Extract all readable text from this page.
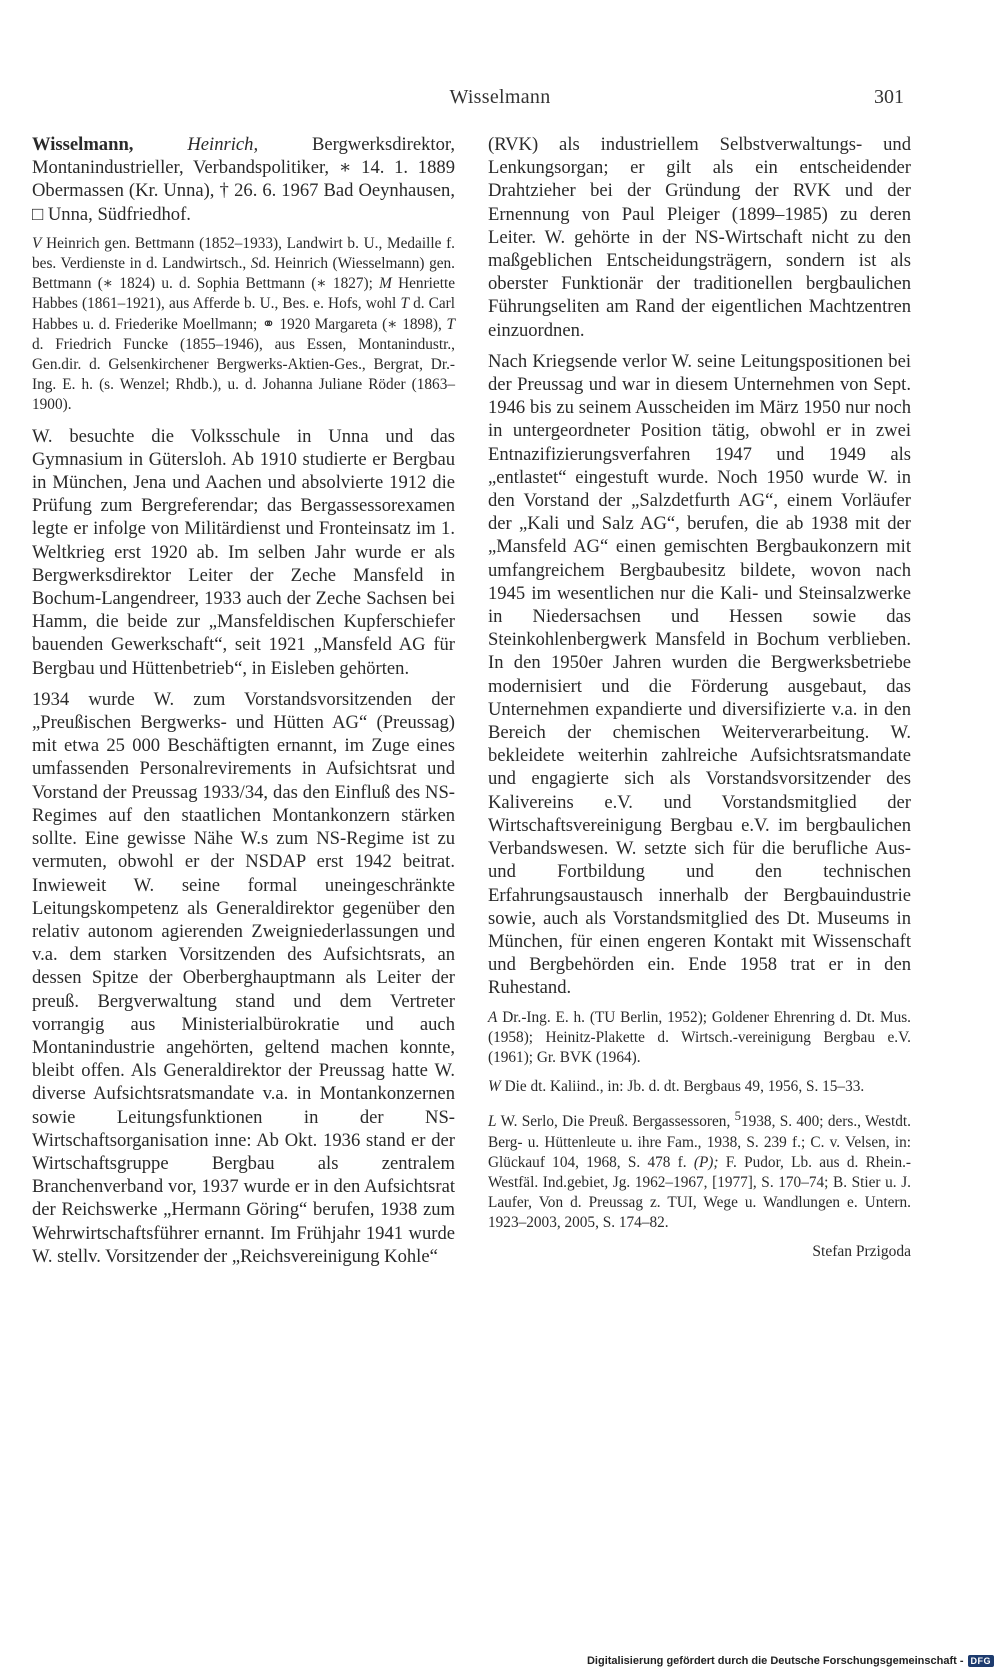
Wisselmann	301

Wisselmann,	Heinrich,	Bergwerksdirektor, Montanindustrieller, Verbandspolitiker, ∗ 14. 1. 1889 Obermassen (Kr. Unna), † 26. 6. 1967 Bad Oeynhausen, □ Unna, Südfriedhof.

V Heinrich gen. Bettmann (1852–1933), Landwirt b. U., Medaille f. bes. Verdienste in d. Landwirtsch., Sd. Heinrich (Wiesselmann) gen. Bettmann (∗ 1824) u. d. Sophia Bettmann (∗ 1827); M Henriette Habbes (1861–1921), aus Afferde b. U., Bes. e. Hofs, wohl T d. Carl Habbes u. d. Friederike Moellmann; ⚭ 1920 Margareta (∗ 1898), T d. Friedrich Funcke (1855–1946), aus Essen, Montanindustr., Gen.dir. d. Gelsenkirchener Bergwerks-Aktien-Ges., Bergrat, Dr.-Ing. E. h. (s. Wenzel; Rhdb.), u. d. Johanna Juliane Röder (1863–1900).

W. besuchte die Volksschule in Unna und das Gymnasium in Gütersloh. Ab 1910 studierte er Bergbau in München, Jena und Aachen und absolvierte 1912 die Prüfung zum Bergreferendar; das Bergassessorexamen legte er infolge von Militärdienst und Fronteinsatz im 1. Weltkrieg erst 1920 ab. Im selben Jahr wurde er als Bergwerksdirektor Leiter der Zeche Mansfeld in Bochum-Langendreer, 1933 auch der Zeche Sachsen bei Hamm, die beide zur „Mansfeldischen Kupferschiefer bauenden Gewerkschaft“, seit 1921 „Mansfeld AG für Bergbau und Hüttenbetrieb“, in Eisleben gehörten.

1934 wurde W. zum Vorstandsvorsitzenden der „Preußischen Bergwerks- und Hütten AG“ (Preussag) mit etwa 25 000 Beschäftigten ernannt, im Zuge eines umfassenden Personalrevirements in Aufsichtsrat und Vorstand der Preussag 1933/34, das den Einfluß des NS-Regimes auf den staatlichen Montankonzern stärken sollte. Eine gewisse Nähe W.s zum NS-Regime ist zu vermuten, obwohl er der NSDAP erst 1942 beitrat. Inwieweit W. seine formal uneingeschränkte Leitungskompetenz als Generaldirektor gegenüber den relativ autonom agierenden Zweigniederlassungen und v.a. dem starken Vorsitzenden des Aufsichtsrats, an dessen Spitze der Oberberghauptmann als Leiter der preuß. Bergverwaltung stand und dem Vertreter vorrangig aus Ministerialbürokratie und auch Montanindustrie angehörten, geltend machen konnte, bleibt offen. Als Generaldirektor der Preussag hatte W. diverse Aufsichtsratsmandate v.a. in Montankonzernen sowie Leitungsfunktionen in der NS-Wirtschaftsorganisation inne: Ab Okt. 1936 stand er der Wirtschaftsgruppe Bergbau als zentralem Branchenverband vor, 1937 wurde er in den Aufsichtsrat der Reichswerke „Hermann Göring“ berufen, 1938 zum Wehrwirtschaftsführer ernannt. Im Frühjahr 1941 wurde W. stellv. Vorsitzender der „Reichsvereinigung Kohle“

(RVK) als industriellem Selbstverwaltungs- und Lenkungsorgan; er gilt als ein entscheidender Drahtzieher bei der Gründung der RVK und der Ernennung von Paul Pleiger (1899–1985) zu deren Leiter. W. gehörte in der NS-Wirtschaft nicht zu den maßgeblichen Entscheidungsträgern, sondern ist als oberster Funktionär der traditionellen bergbaulichen Führungseliten am Rand der eigentlichen Machtzentren einzuordnen.

Nach Kriegsende verlor W. seine Leitungspositionen bei der Preussag und war in diesem Unternehmen von Sept. 1946 bis zu seinem Ausscheiden im März 1950 nur noch in untergeordneter Position tätig, obwohl er in zwei Entnazifizierungsverfahren 1947 und 1949 als „entlastet“ eingestuft wurde. Noch 1950 wurde W. in den Vorstand der „Salzdetfurth AG“, einem Vorläufer der „Kali und Salz AG“, berufen, die ab 1938 mit der „Mansfeld AG“ einen gemischten Bergbaukonzern mit umfangreichem Bergbaubesitz bildete, wovon nach 1945 im wesentlichen nur die Kali- und Steinsalzwerke in Niedersachsen und Hessen sowie das Steinkohlenbergwerk Mansfeld in Bochum verblieben. In den 1950er Jahren wurden die Bergwerksbetriebe modernisiert und die Förderung ausgebaut, das Unternehmen expandierte und diversifizierte v.a. in den Bereich der chemischen Weiterverarbeitung. W. bekleidete weiterhin zahlreiche Aufsichtsratsmandate und engagierte sich als Vorstandsvorsitzender des Kalivereins e.V. und Vorstandsmitglied der Wirtschaftsvereinigung Bergbau e.V. im bergbaulichen Verbandswesen. W. setzte sich für die berufliche Aus- und Fortbildung und den technischen Erfahrungsaustausch innerhalb der Bergbauindustrie sowie, auch als Vorstandsmitglied des Dt. Museums in München, für einen engeren Kontakt mit Wissenschaft und Bergbehörden ein. Ende 1958 trat er in den Ruhestand.

A Dr.-Ing. E. h. (TU Berlin, 1952); Goldener Ehrenring d. Dt. Mus. (1958); Heinitz-Plakette d. Wirtsch.-vereinigung Bergbau e.V. (1961); Gr. BVK (1964).

W Die dt. Kaliind., in: Jb. d. dt. Bergbaus 49, 1956, S. 15–33.

L W. Serlo, Die Preuß. Bergassessoren, $^5$1938, S. 400; ders., Westdt. Berg- u. Hüttenleute u. ihre Fam., 1938, S. 239 f.; C. v. Velsen, in: Glückauf 104, 1968, S. 478 f. (P); F. Pudor, Lb. aus d. Rhein.-Westfäl. Ind.gebiet, Jg. 1962–1967, [1977], S. 170–74; B. Stier u. J. Laufer, Von d. Preussag z. TUI, Wege u. Wandlungen e. Untern. 1923–2003, 2005, S. 174–82.

Stefan Przigoda
Digitalisierung gefördert durch die Deutsche Forschungsgemeinschaft - DFG
